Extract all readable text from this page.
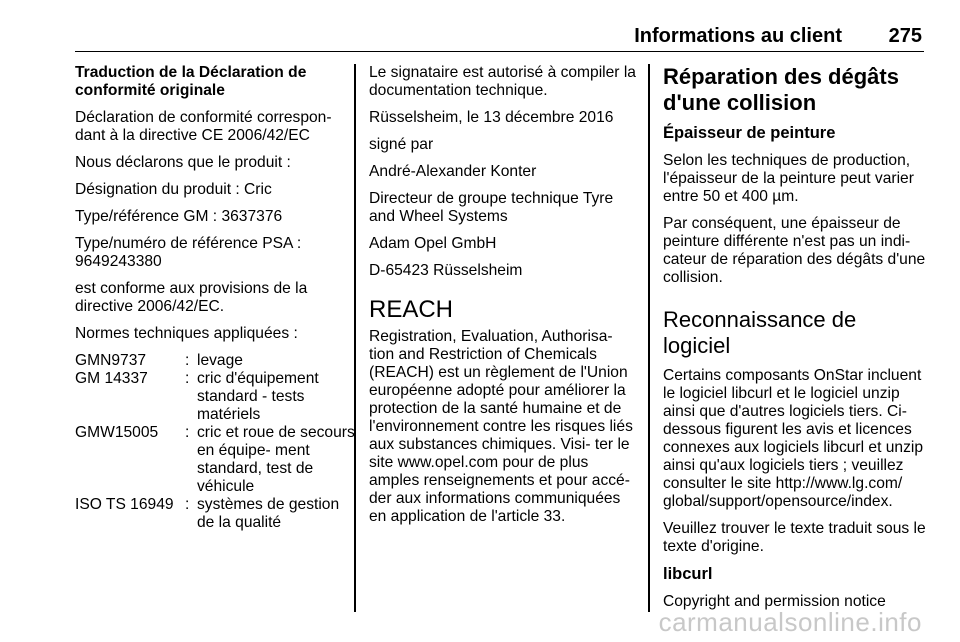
Informations au client 275

Traduction de la Déclaration de conformité originale

Déclaration de conformité correspon- dant à la directive CE 2006/42/EC

Nous déclarons que le produit :

Désignation du produit : Cric

Type/référence GM : 3637376

Type/numéro de référence PSA : 9649243380

est conforme aux provisions de la directive 2006/42/EC.

Normes techniques appliquées :

GMN9737	:	levage
GM 14337	:	cric d'équipement standard - tests matériels
GMW15005	:	cric et roue de secours en équipe- ment standard, test de véhicule
ISO TS 16949	:	systèmes de gestion de la qualité

Le signataire est autorisé à compiler la documentation technique.

Rüsselsheim, le 13 décembre 2016

signé par

André-Alexander Konter

Directeur de groupe technique Tyre and Wheel Systems

Adam Opel GmbH

D-65423 Rüsselsheim

REACH

Registration, Evaluation, Authorisa- tion and Restriction of Chemicals (REACH) est un règlement de l'Union européenne adopté pour améliorer la protection de la santé humaine et de l'environnement contre les risques liés aux substances chimiques. Visi- ter le site www.opel.com pour de plus amples renseignements et pour accé- der aux informations communiquées en application de l'article 33.

Réparation des dégâts d'une collision
Épaisseur de peinture

Selon les techniques de production, l'épaisseur de la peinture peut varier entre 50 et 400 µm.

Par conséquent, une épaisseur de peinture différente n'est pas un indi- cateur de réparation des dégâts d'une collision.

Reconnaissance de logiciel

Certains composants OnStar incluent le logiciel libcurl et le logiciel unzip ainsi que d'autres logiciels tiers. Ci- dessous figurent les avis et licences connexes aux logiciels libcurl et unzip ainsi qu'aux logiciels tiers ; veuillez consulter le site http://www.lg.com/ global/support/opensource/index.

Veuillez trouver le texte traduit sous le texte d'origine.

libcurl

Copyright and permission notice

carmanualsonline.info
